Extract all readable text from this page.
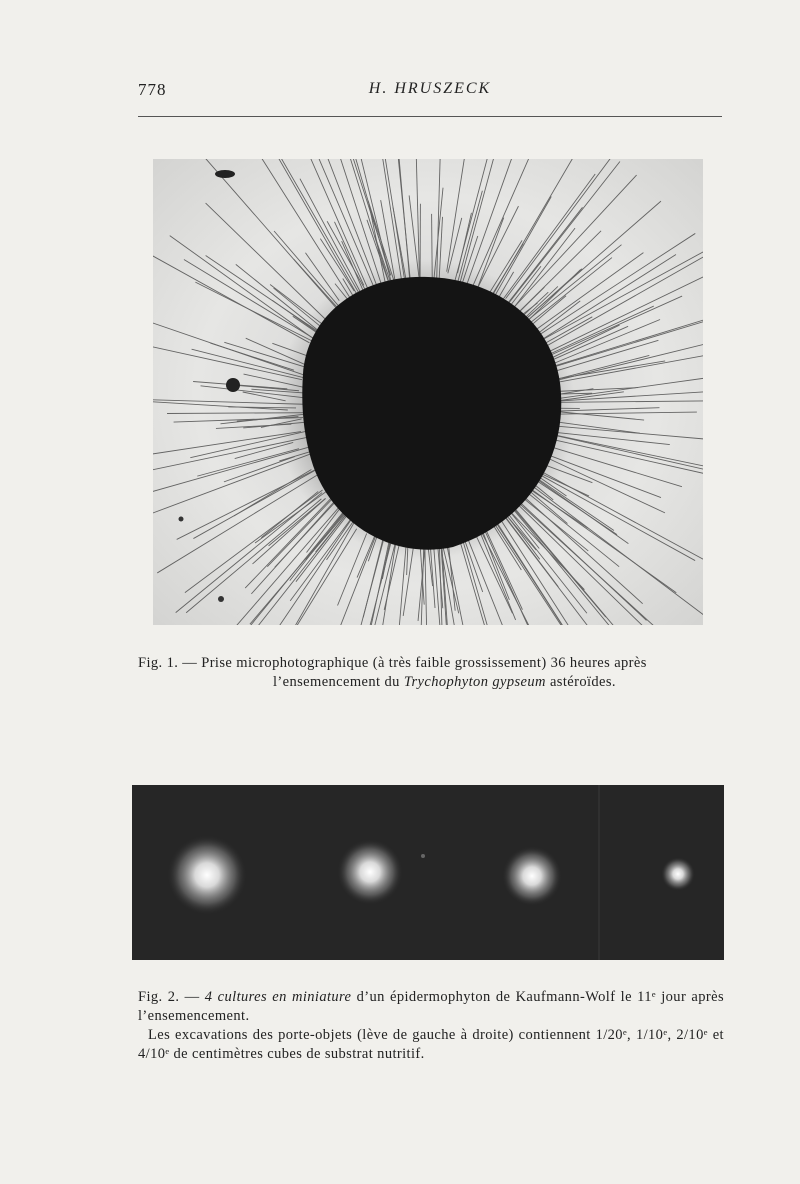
778	H. HRUSZECK
Fig. 1. — Prise microphotographique (à très faible grossissement) 36 heures après
l’ensemencement du Trychophyton gypseum astéroïdes.

Fig. 2. — 4 cultures en miniature d’un épidermophyton de Kaufmann-Wolf le 11ᵉ jour après l’ensemencement.

Les excavations des porte-objets (lève de gauche à droite) contiennent 1/20ᵉ, 1/10ᵉ, 2/10ᵉ et 4/10ᵉ de centimètres cubes de substrat nutritif.
